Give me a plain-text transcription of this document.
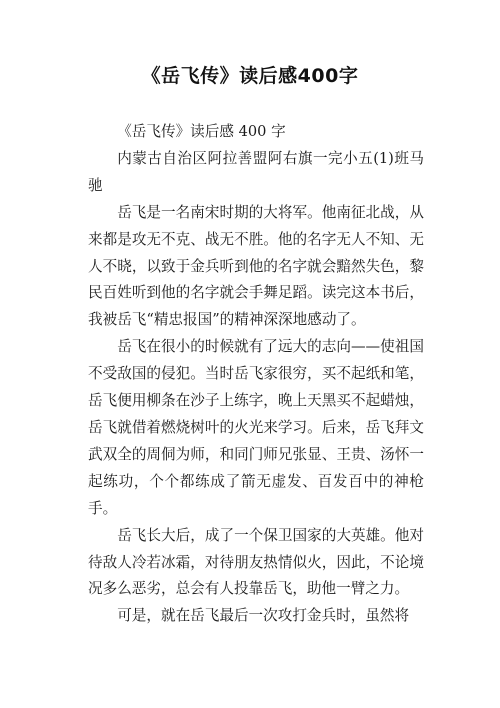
《岳飞传》读后感400字

《岳飞传》读后感 400 字

内蒙古自治区阿拉善盟阿右旗一完小五(1)班马驰

岳飞是一名南宋时期的大将军。他南征北战，从来都是攻无不克、战无不胜。他的名字无人不知、无人不晓，以致于金兵听到他的名字就会黯然失色，黎民百姓听到他的名字就会手舞足蹈。读完这本书后，我被岳飞“精忠报国”的精神深深地感动了。

岳飞在很小的时候就有了远大的志向——使祖国不受敌国的侵犯。当时岳飞家很穷，买不起纸和笔，岳飞便用柳条在沙子上练字，晚上天黑买不起蜡烛，岳飞就借着燃烧树叶的火光来学习。后来，岳飞拜文武双全的周侗为师，和同门师兄张显、王贵、汤怀一起练功，个个都练成了箭无虚发、百发百中的神枪手。

岳飞长大后，成了一个保卫国家的大英雄。他对待敌人冷若冰霜，对待朋友热情似火，因此，不论境况多么恶劣，总会有人投靠岳飞，助他一臂之力。

可是，就在岳飞最后一次攻打金兵时，虽然将
